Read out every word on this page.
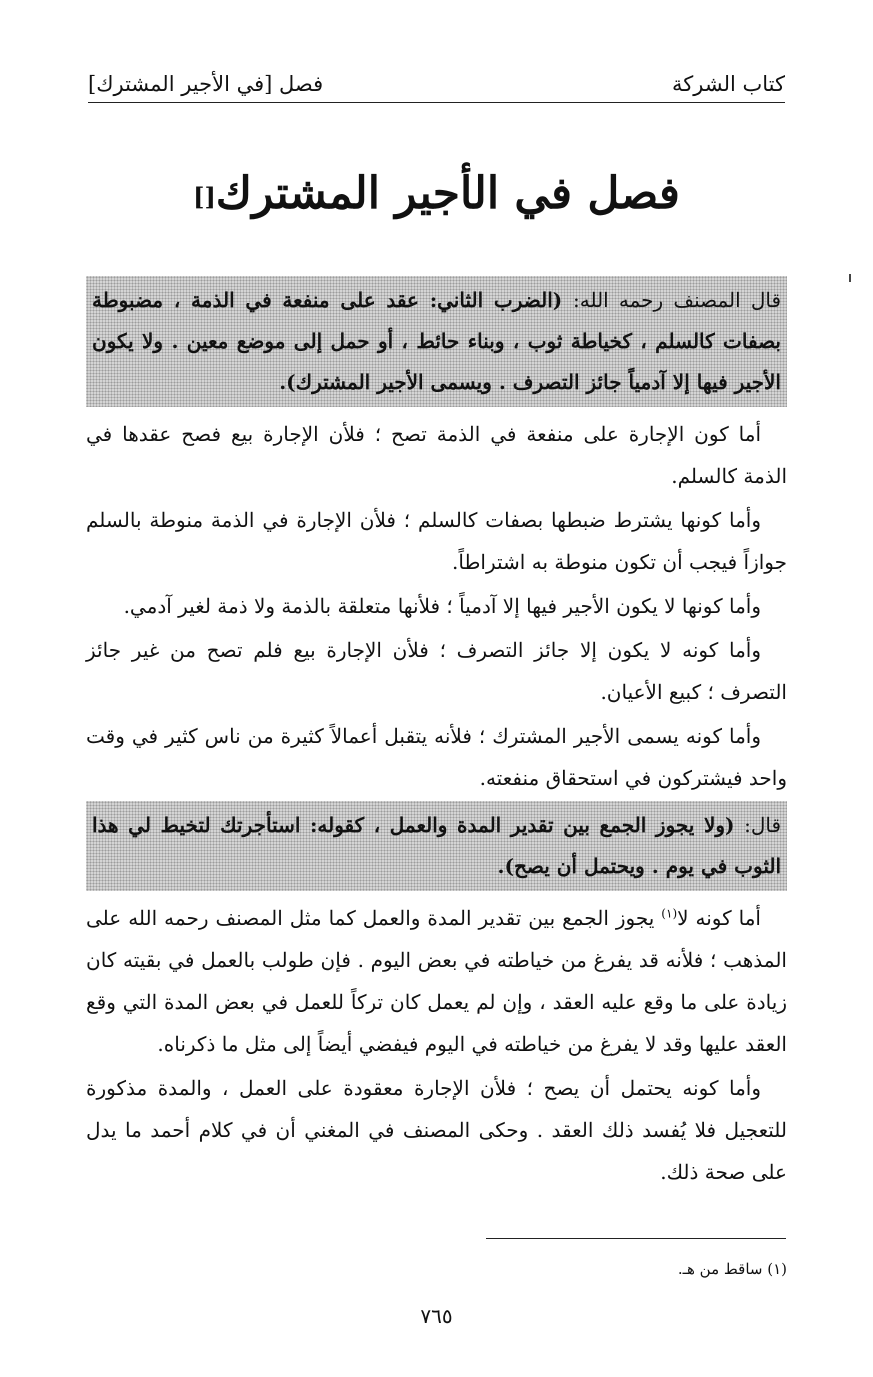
كتاب الشركة
فصل [في الأجير المشترك]
فصل في الأجير المشترك[]
قال المصنف رحمه الله: (الضرب الثاني: عقد على منفعة في الذمة ، مضبوطة بصفات كالسلم ، كخياطة ثوب ، وبناء حائط ، أو حمل إلى موضع معين . ولا يكون الأجير فيها إلا آدمياً جائز التصرف . ويسمى الأجير المشترك).

أما كون الإجارة على منفعة في الذمة تصح ؛ فلأن الإجارة بيع فصح عقدها في الذمة كالسلم.

وأما كونها يشترط ضبطها بصفات كالسلم ؛ فلأن الإجارة في الذمة منوطة بالسلم جوازاً فيجب أن تكون منوطة به اشتراطاً.

وأما كونها لا يكون الأجير فيها إلا آدمياً ؛ فلأنها متعلقة بالذمة ولا ذمة لغير آدمي.

وأما كونه لا يكون إلا جائز التصرف ؛ فلأن الإجارة بيع فلم تصح من غير جائز التصرف ؛ كبيع الأعيان.

وأما كونه يسمى الأجير المشترك ؛ فلأنه يتقبل أعمالاً كثيرة من ناس كثير في وقت واحد فيشتركون في استحقاق منفعته.

قال: (ولا يجوز الجمع بين تقدير المدة والعمل ، كقوله: استأجرتك لتخيط لي هذا الثوب في يوم . ويحتمل أن يصح).

أما كونه لا$^{(١)}$ يجوز الجمع بين تقدير المدة والعمل كما مثل المصنف رحمه الله على المذهب ؛ فلأنه قد يفرغ من خياطته في بعض اليوم . فإن طولب بالعمل في بقيته كان زيادة على ما وقع عليه العقد ، وإن لم يعمل كان تركاً للعمل في بعض المدة التي وقع العقد عليها وقد لا يفرغ من خياطته في اليوم فيفضي أيضاً إلى مثل ما ذكرناه.

وأما كونه يحتمل أن يصح ؛ فلأن الإجارة معقودة على العمل ، والمدة مذكورة للتعجيل فلا يُفسد ذلك العقد . وحكى المصنف في المغني أن في كلام أحمد ما يدل على صحة ذلك.

(١) ساقط من هـ.
٧٦٥
